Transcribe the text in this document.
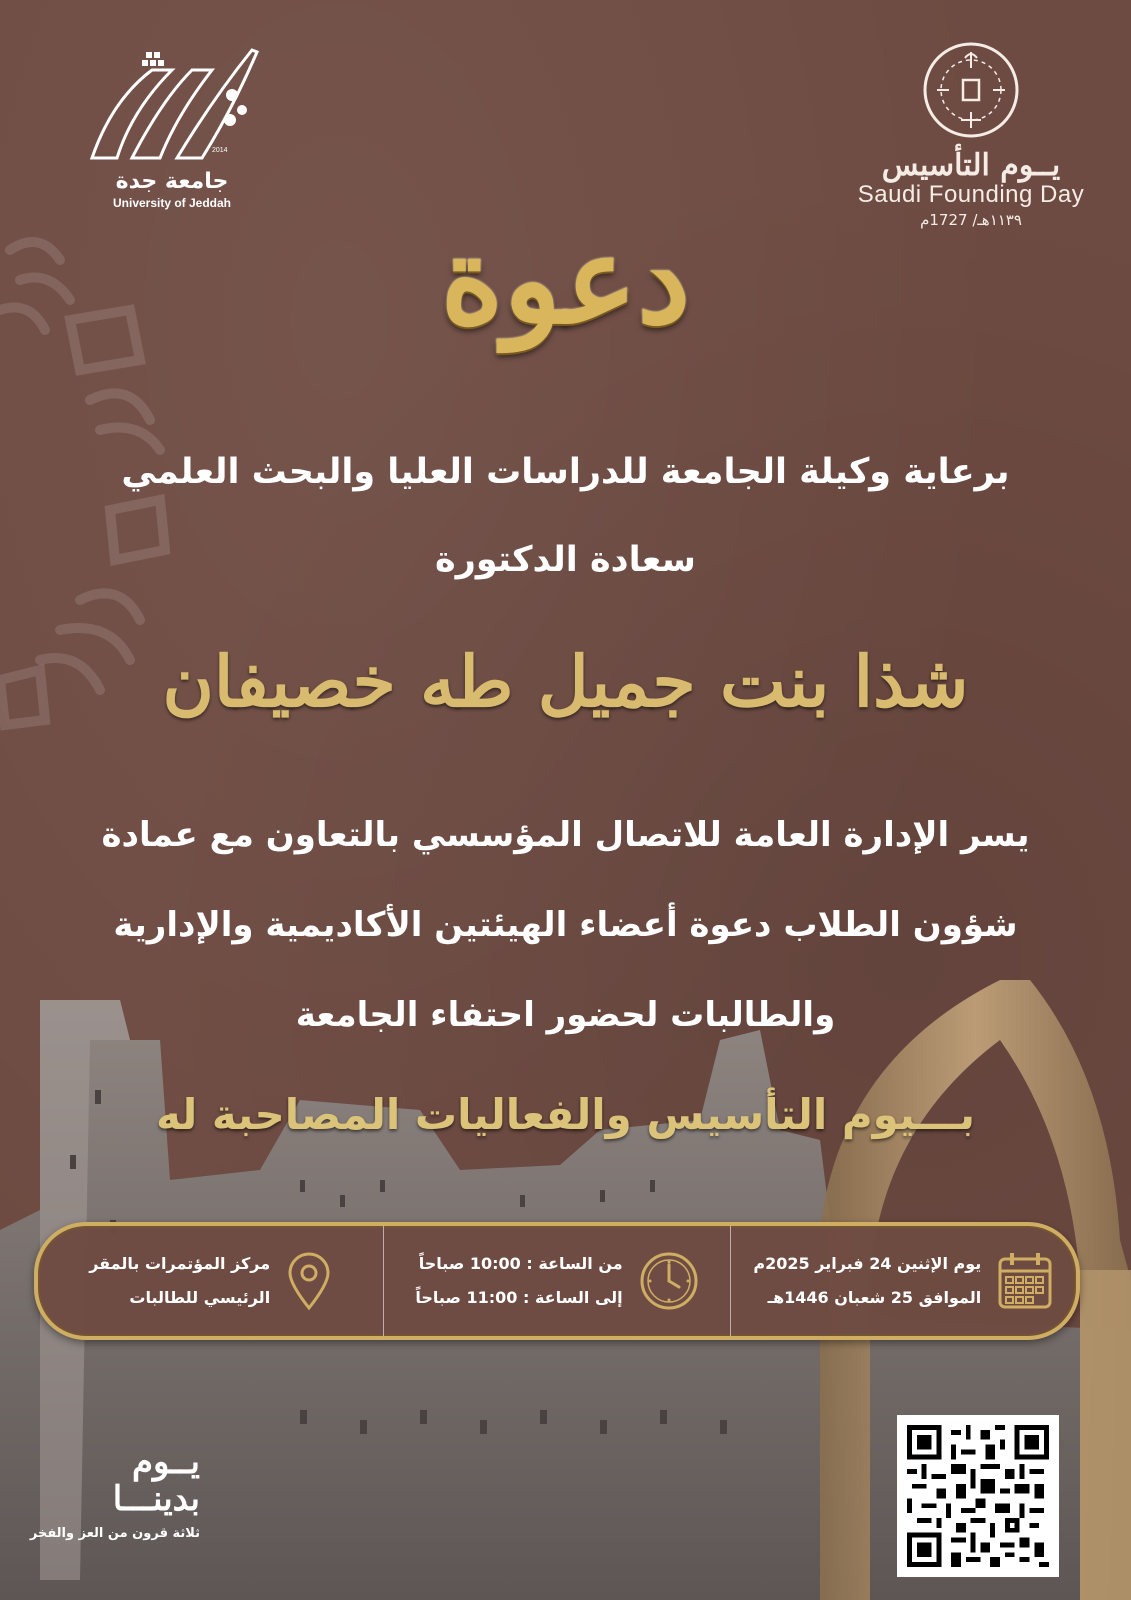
2014
جامعة جدة
University of Jeddah
يــوم التأسيس
Saudi Founding Day
١١٣٩هـ/ 1727م
دعوة
برعاية وكيلة الجامعة للدراسات العليا والبحث العلمي
سعادة الدكتورة
شذا بنت جميل طه خصيفان
يسر الإدارة العامة للاتصال المؤسسي بالتعاون مع عمادة
شؤون الطلاب دعوة أعضاء الهيئتين الأكاديمية والإدارية
والطالبات لحضور احتفاء الجامعة
بـــيوم التأسيس والفعاليات المصاحبة له
يوم الإثنين 24 فبراير 2025م
الموافق 25 شعبان 1446هـ
من الساعة : 10:00 صباحاً
إلى الساعة : 11:00 صباحاً
مركز المؤتمرات بالمقر
الرئيسي للطالبات
يــوم
بدينـــا
ثلاثة قرون من العز والفخر
